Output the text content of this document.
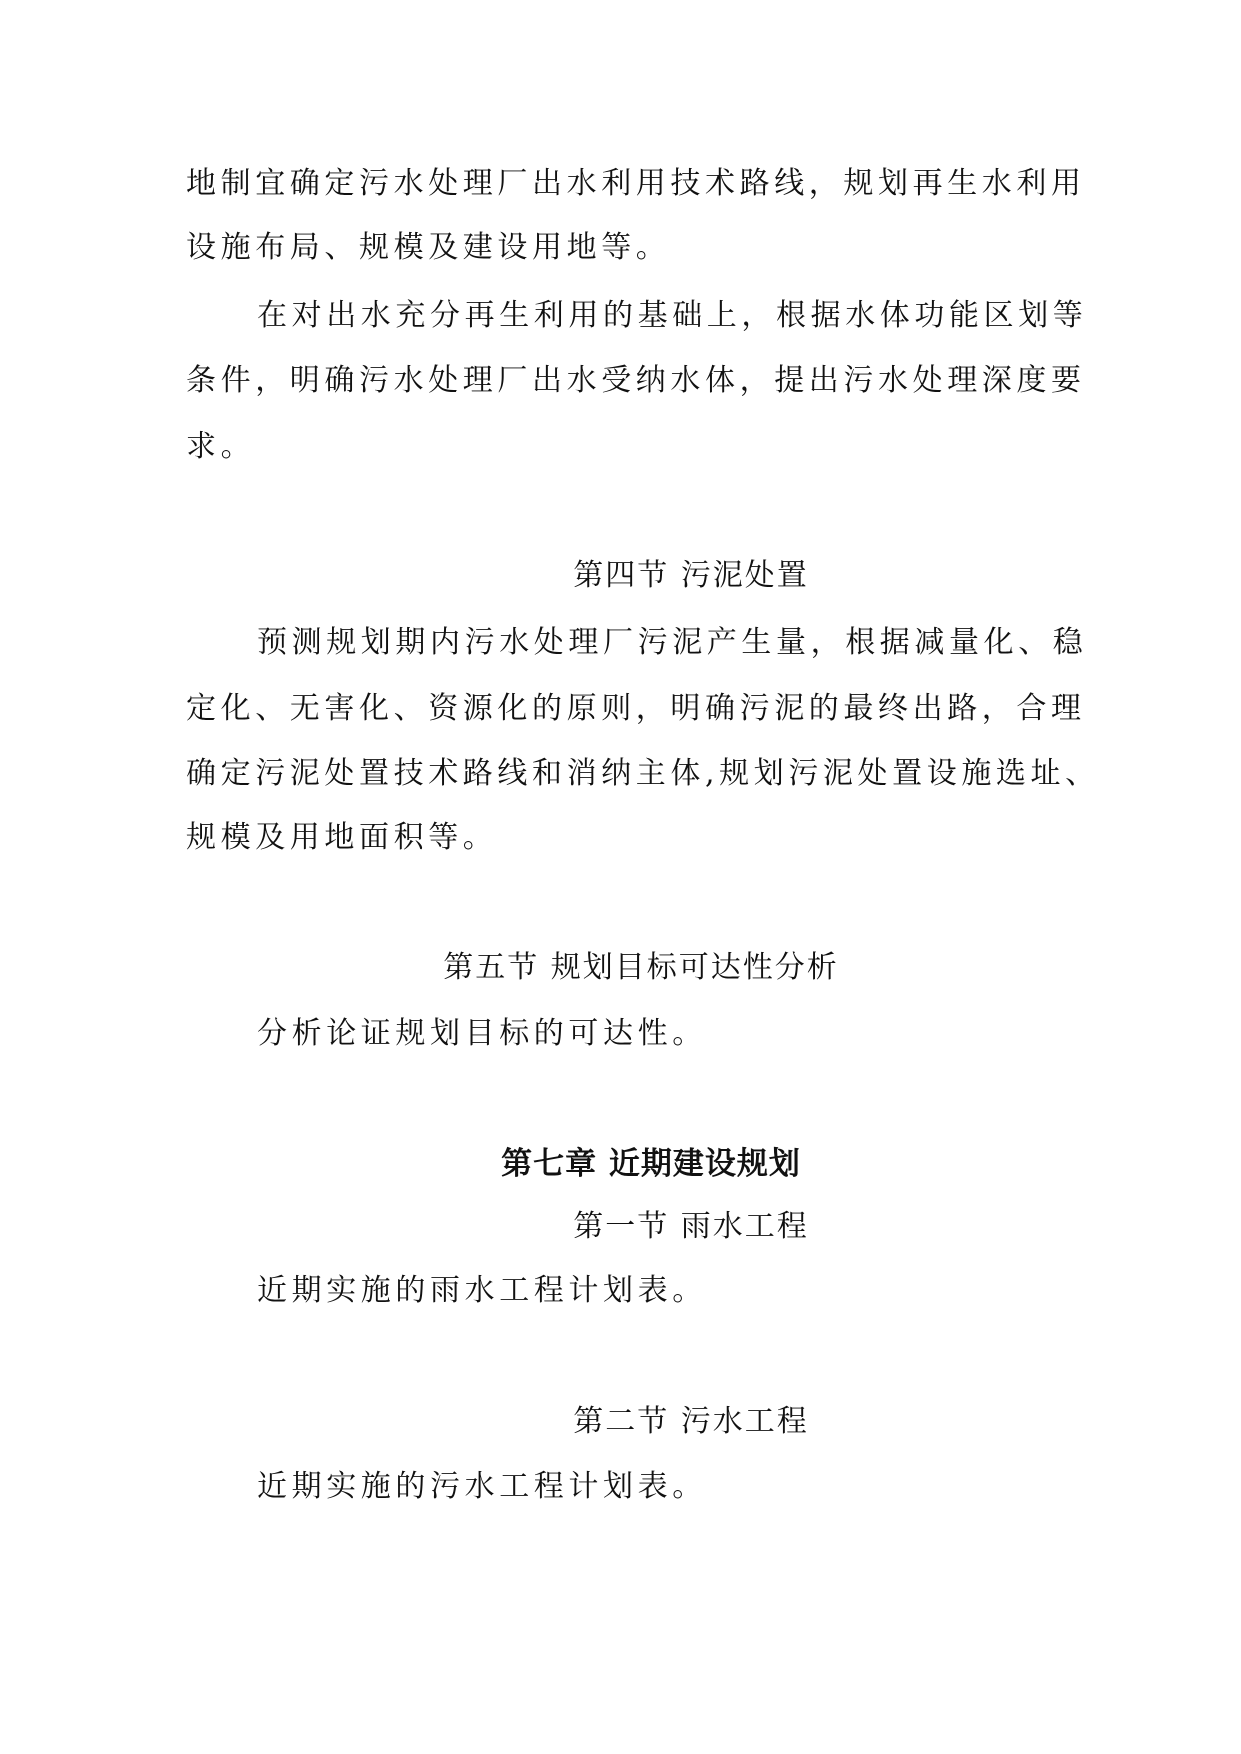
地制宜确定污水处理厂出水利用技术路线，规划再生水利用
设施布局、规模及建设用地等。
在对出水充分再生利用的基础上，根据水体功能区划等
条件，明确污水处理厂出水受纳水体，提出污水处理深度要
求。
第四节 污泥处置
预测规划期内污水处理厂污泥产生量，根据减量化、稳
定化、无害化、资源化的原则，明确污泥的最终出路，合理
确定污泥处置技术路线和消纳主体,规划污泥处置设施选址、
规模及用地面积等。
第五节 规划目标可达性分析
分析论证规划目标的可达性。
第七章 近期建设规划
第一节 雨水工程
近期实施的雨水工程计划表。
第二节 污水工程
近期实施的污水工程计划表。
